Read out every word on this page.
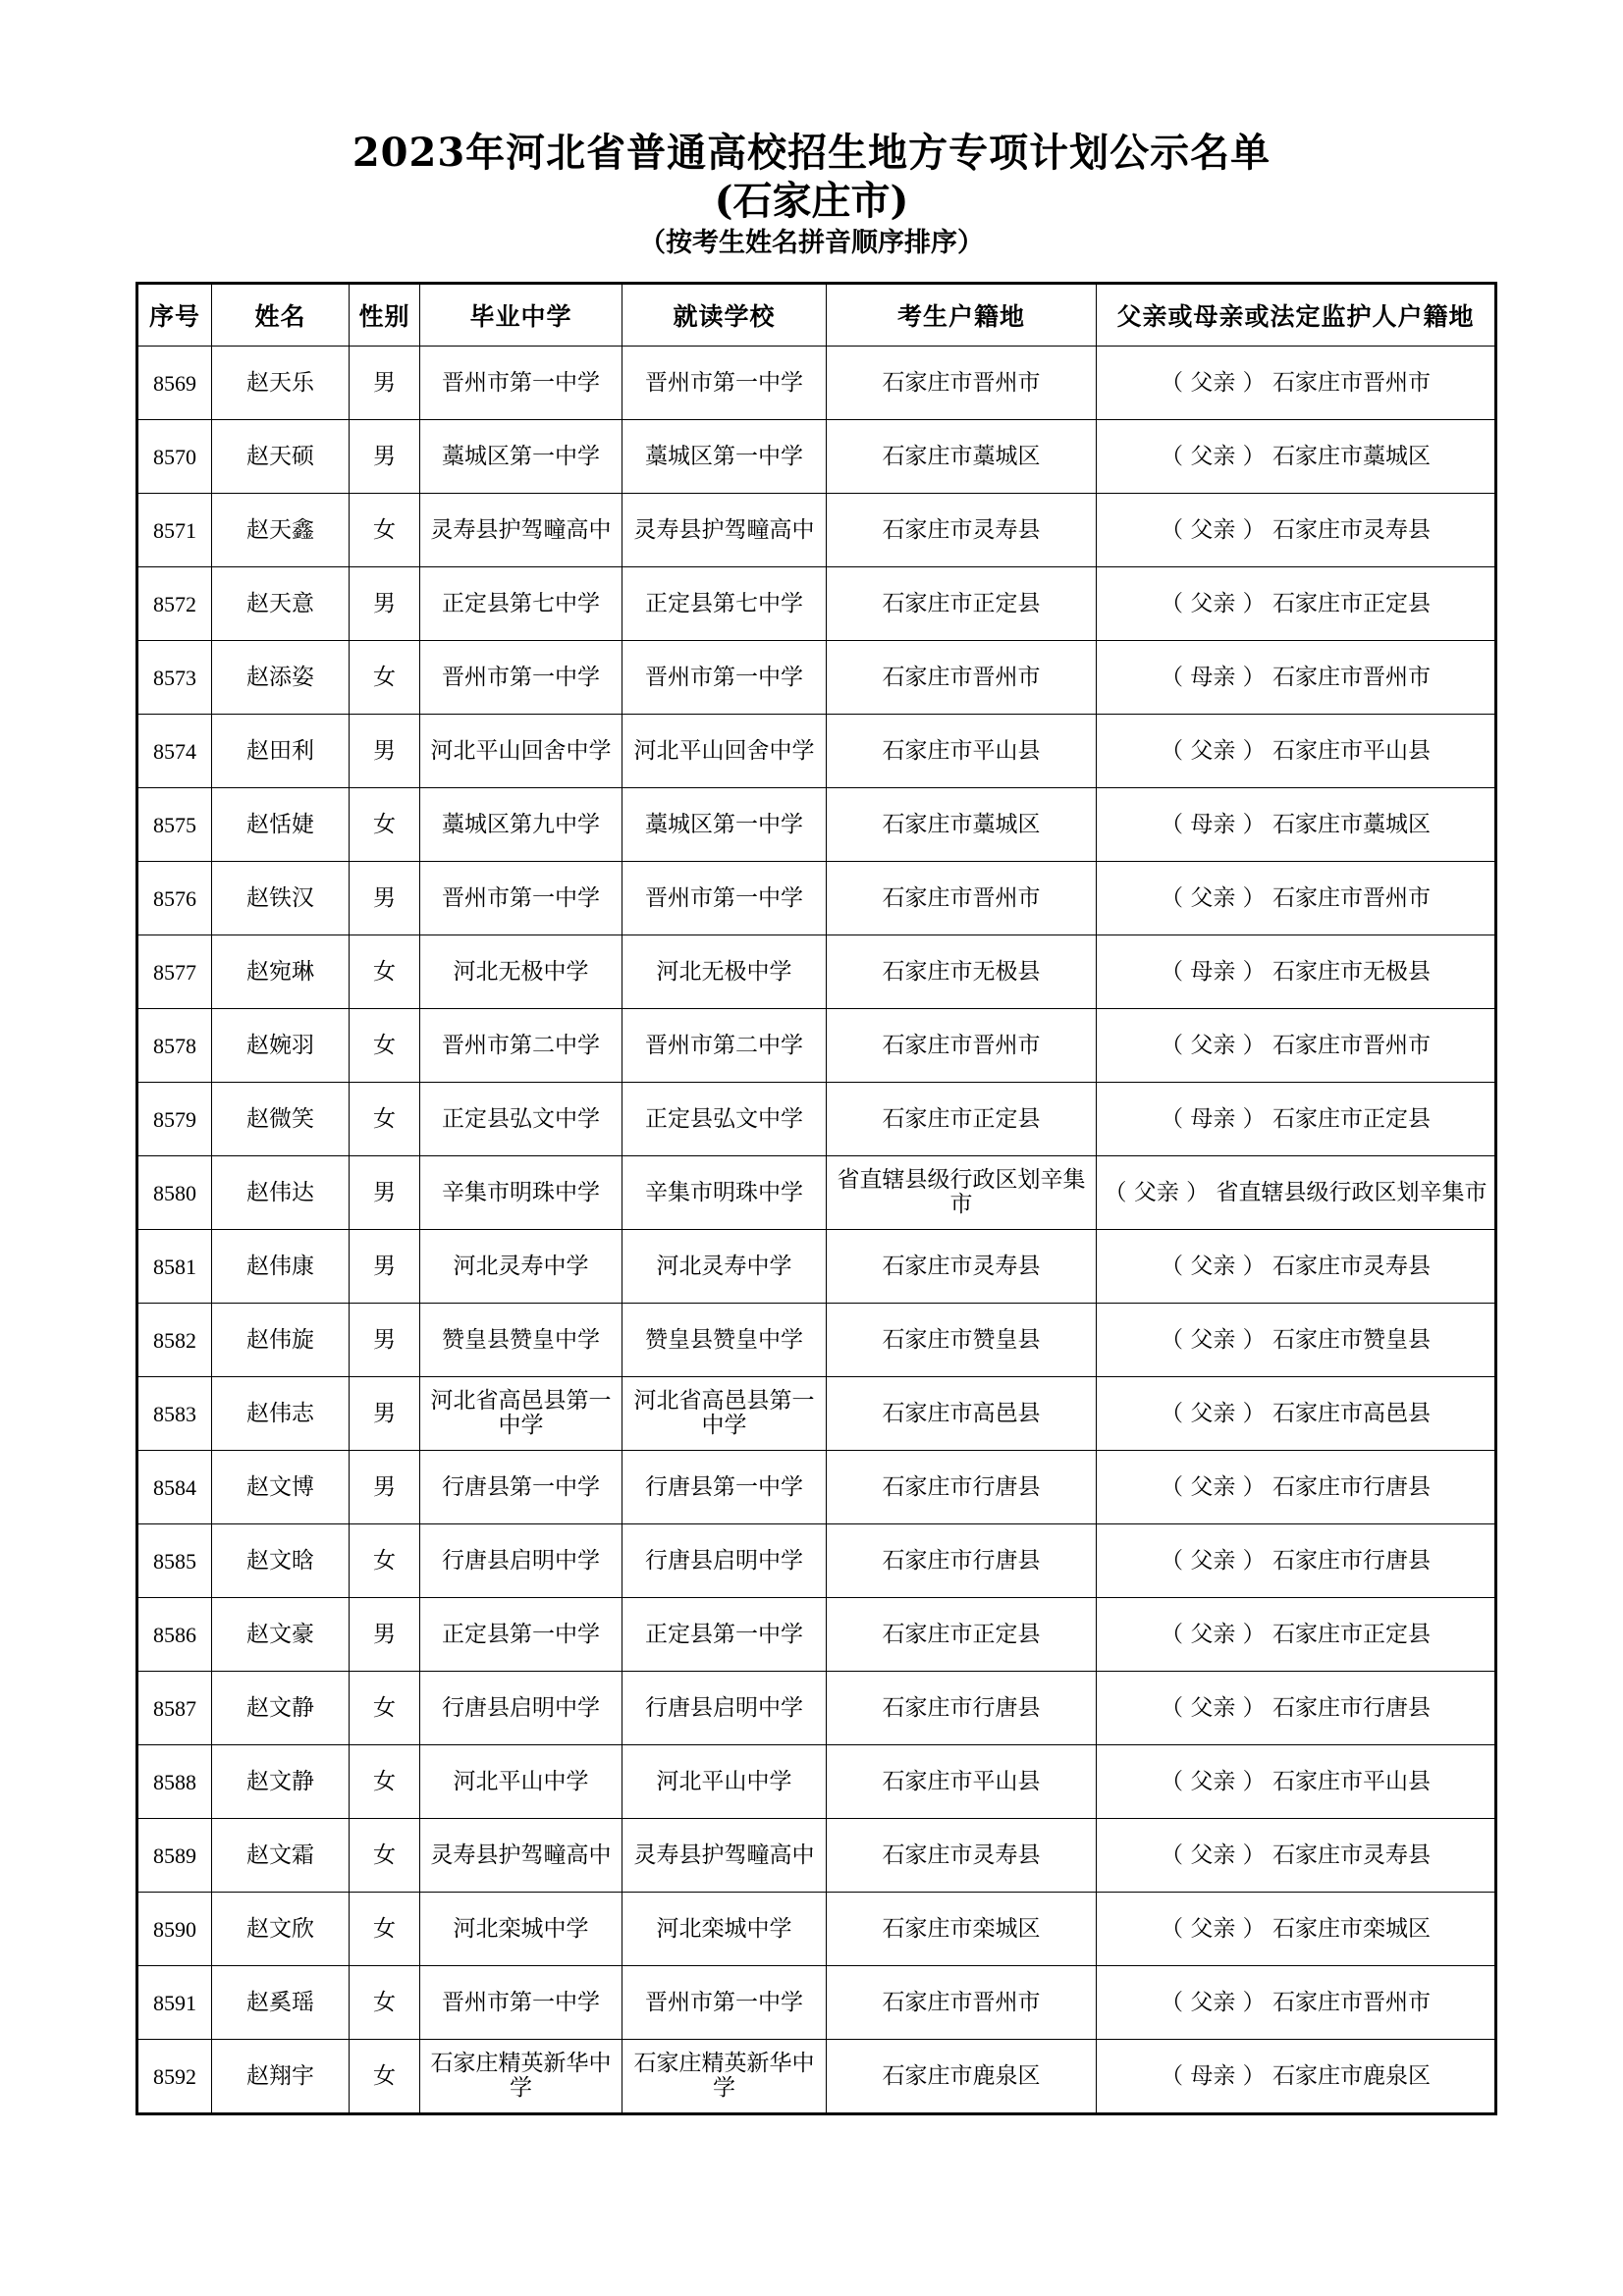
2023年河北省普通高校招生地方专项计划公示名单
(石家庄市)
（按考生姓名拼音顺序排序）
序号	姓名	性别	毕业中学	就读学校	考生户籍地	父亲或母亲或法定监护人户籍地
8569	赵天乐	男	晋州市第一中学	晋州市第一中学	石家庄市晋州市	（ 父亲 ） 石家庄市晋州市
8570	赵天硕	男	藁城区第一中学	藁城区第一中学	石家庄市藁城区	（ 父亲 ） 石家庄市藁城区
8571	赵天鑫	女	灵寿县护驾疃高中	灵寿县护驾疃高中	石家庄市灵寿县	（ 父亲 ） 石家庄市灵寿县
8572	赵天意	男	正定县第七中学	正定县第七中学	石家庄市正定县	（ 父亲 ） 石家庄市正定县
8573	赵添姿	女	晋州市第一中学	晋州市第一中学	石家庄市晋州市	（ 母亲 ） 石家庄市晋州市
8574	赵田利	男	河北平山回舍中学	河北平山回舍中学	石家庄市平山县	（ 父亲 ） 石家庄市平山县
8575	赵恬婕	女	藁城区第九中学	藁城区第一中学	石家庄市藁城区	（ 母亲 ） 石家庄市藁城区
8576	赵铁汉	男	晋州市第一中学	晋州市第一中学	石家庄市晋州市	（ 父亲 ） 石家庄市晋州市
8577	赵宛琳	女	河北无极中学	河北无极中学	石家庄市无极县	（ 母亲 ） 石家庄市无极县
8578	赵婉羽	女	晋州市第二中学	晋州市第二中学	石家庄市晋州市	（ 父亲 ） 石家庄市晋州市
8579	赵微笑	女	正定县弘文中学	正定县弘文中学	石家庄市正定县	（ 母亲 ） 石家庄市正定县
8580	赵伟达	男	辛集市明珠中学	辛集市明珠中学	省直辖县级行政区划辛集市	（ 父亲 ） 省直辖县级行政区划辛集市
8581	赵伟康	男	河北灵寿中学	河北灵寿中学	石家庄市灵寿县	（ 父亲 ） 石家庄市灵寿县
8582	赵伟旋	男	赞皇县赞皇中学	赞皇县赞皇中学	石家庄市赞皇县	（ 父亲 ） 石家庄市赞皇县
8583	赵伟志	男	河北省高邑县第一中学	河北省高邑县第一中学	石家庄市高邑县	（ 父亲 ） 石家庄市高邑县
8584	赵文博	男	行唐县第一中学	行唐县第一中学	石家庄市行唐县	（ 父亲 ） 石家庄市行唐县
8585	赵文晗	女	行唐县启明中学	行唐县启明中学	石家庄市行唐县	（ 父亲 ） 石家庄市行唐县
8586	赵文豪	男	正定县第一中学	正定县第一中学	石家庄市正定县	（ 父亲 ） 石家庄市正定县
8587	赵文静	女	行唐县启明中学	行唐县启明中学	石家庄市行唐县	（ 父亲 ） 石家庄市行唐县
8588	赵文静	女	河北平山中学	河北平山中学	石家庄市平山县	（ 父亲 ） 石家庄市平山县
8589	赵文霜	女	灵寿县护驾疃高中	灵寿县护驾疃高中	石家庄市灵寿县	（ 父亲 ） 石家庄市灵寿县
8590	赵文欣	女	河北栾城中学	河北栾城中学	石家庄市栾城区	（ 父亲 ） 石家庄市栾城区
8591	赵奚瑶	女	晋州市第一中学	晋州市第一中学	石家庄市晋州市	（ 父亲 ） 石家庄市晋州市
8592	赵翔宇	女	石家庄精英新华中学	石家庄精英新华中学	石家庄市鹿泉区	（ 母亲 ） 石家庄市鹿泉区
